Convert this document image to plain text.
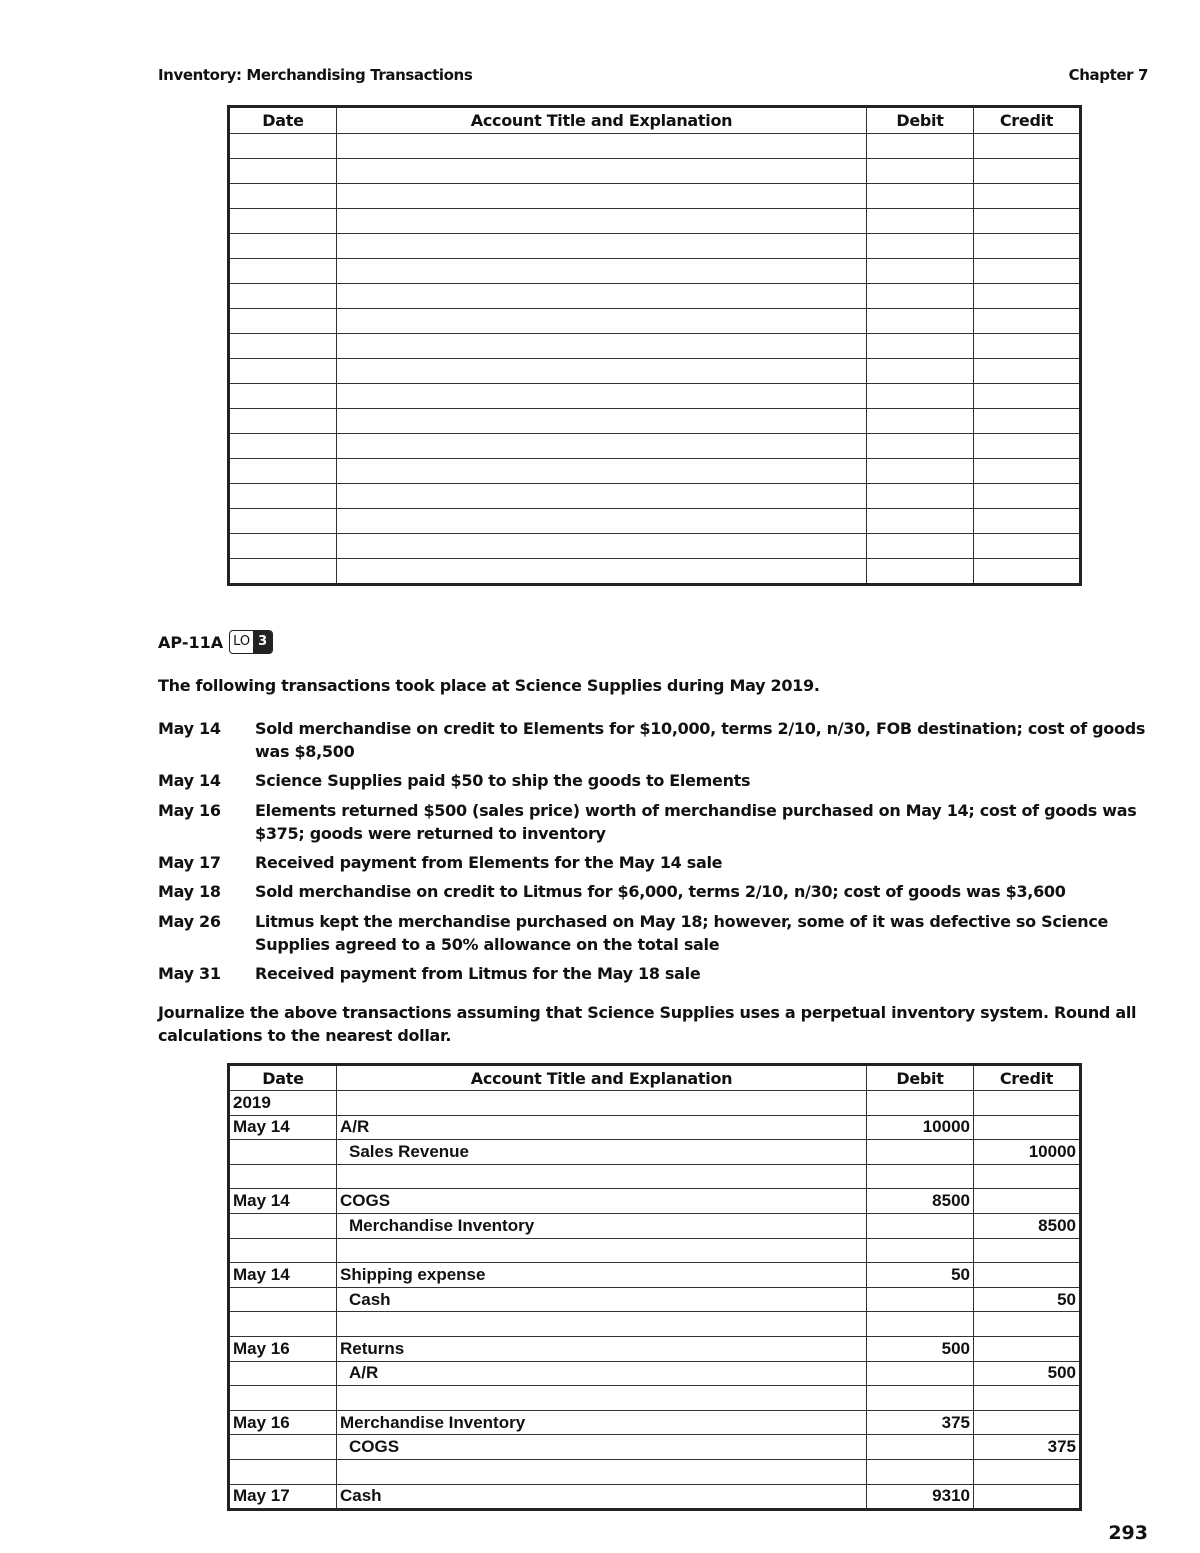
Inventory: Merchandising Transactions	Chapter 7
Date	Account Title and Explanation	Debit	Credit

AP-11A LO 3
The following transactions took place at Science Supplies during May 2019.
May 14 Sold merchandise on credit to Elements for $10,000, terms 2/10, n/30, FOB destination; cost of goods was $8,500
May 14 Science Supplies paid $50 to ship the goods to Elements
May 16 Elements returned $500 (sales price) worth of merchandise purchased on May 14; cost of goods was $375; goods were returned to inventory
May 17 Received payment from Elements for the May 14 sale
May 18 Sold merchandise on credit to Litmus for $6,000, terms 2/10, n/30; cost of goods was $3,600
May 26 Litmus kept the merchandise purchased on May 18; however, some of it was defective so Science Supplies agreed to a 50% allowance on the total sale
May 31 Received payment from Litmus for the May 18 sale
Journalize the above transactions assuming that Science Supplies uses a perpetual inventory system. Round all calculations to the nearest dollar.
Date	Account Title and Explanation	Debit	Credit
2019			
May 14	A/R	10000	
	Sales Revenue		10000

May 14	COGS	8500	
	Merchandise Inventory		8500

May 14	Shipping expense	50	
	Cash		50

May 16	Returns	500	
	A/R		500

May 16	Merchandise Inventory	375	
	COGS		375

May 17	Cash	9310	
293
